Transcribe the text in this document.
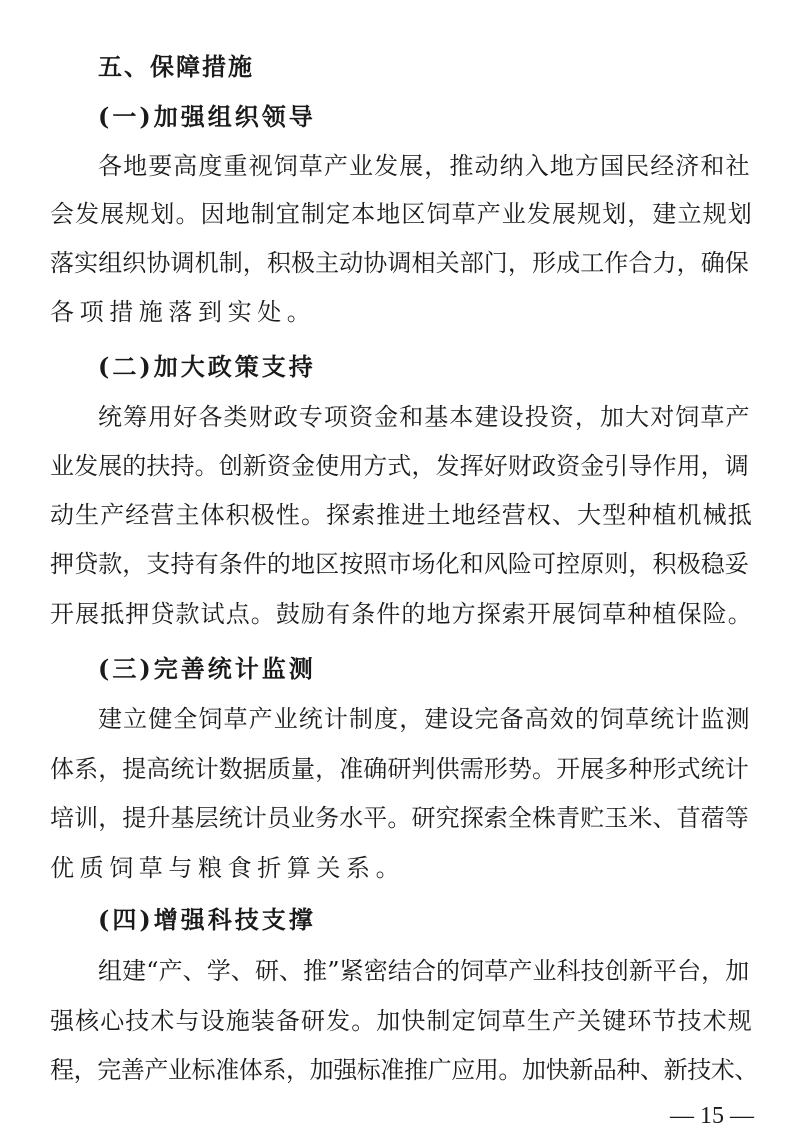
五、保障措施
(一)加强组织领导
各地要高度重视饲草产业发展，推动纳入地方国民经济和社
会发展规划。因地制宜制定本地区饲草产业发展规划，建立规划
落实组织协调机制，积极主动协调相关部门，形成工作合力，确保
各项措施落到实处。
(二)加大政策支持
统筹用好各类财政专项资金和基本建设投资，加大对饲草产
业发展的扶持。创新资金使用方式，发挥好财政资金引导作用，调
动生产经营主体积极性。探索推进土地经营权、大型种植机械抵
押贷款，支持有条件的地区按照市场化和风险可控原则，积极稳妥
开展抵押贷款试点。鼓励有条件的地方探索开展饲草种植保险。
(三)完善统计监测
建立健全饲草产业统计制度，建设完备高效的饲草统计监测
体系，提高统计数据质量，准确研判供需形势。开展多种形式统计
培训，提升基层统计员业务水平。研究探索全株青贮玉米、苜蓿等
优质饲草与粮食折算关系。
(四)增强科技支撑
组建“产、学、研、推”紧密结合的饲草产业科技创新平台，加
强核心技术与设施装备研发。加快制定饲草生产关键环节技术规
程，完善产业标准体系，加强标准推广应用。加快新品种、新技术、
— 15 —
